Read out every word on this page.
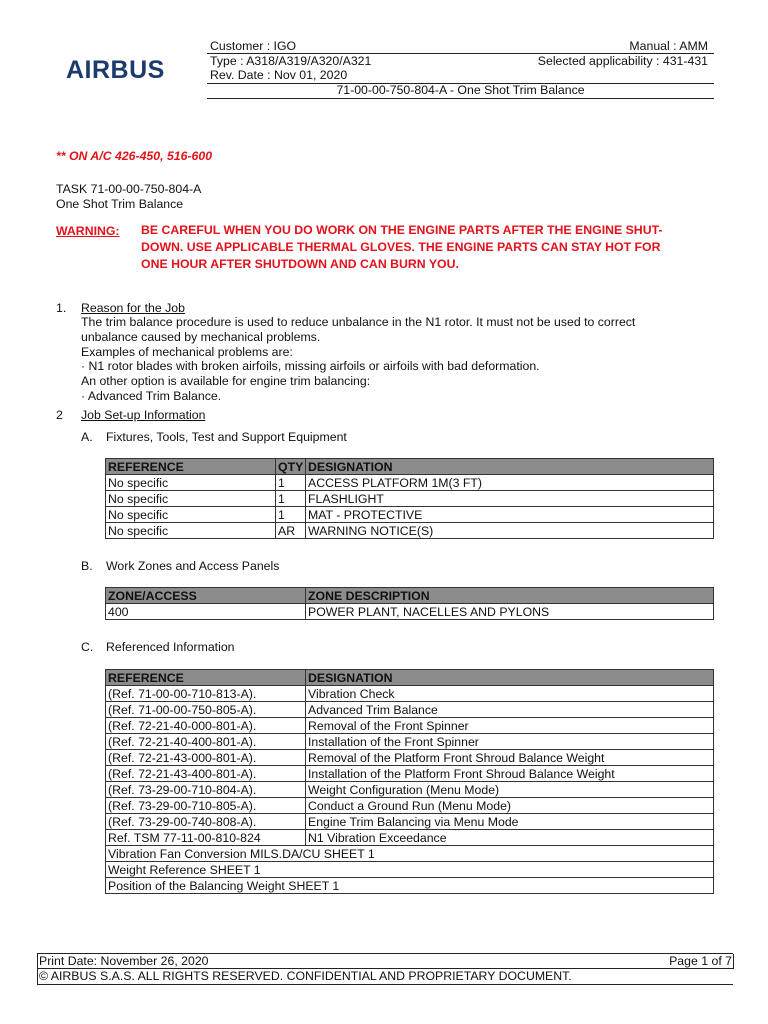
AIRBUS
Customer : IGO	Manual : AMM
Type : A318/A319/A320/A321	Selected applicability : 431-431
Rev. Date : Nov 01, 2020
71-00-00-750-804-A - One Shot Trim Balance
** ON A/C 426-450, 516-600
TASK 71-00-00-750-804-A
One Shot Trim Balance
WARNING: BE CAREFUL WHEN YOU DO WORK ON THE ENGINE PARTS AFTER THE ENGINE SHUT-
DOWN. USE APPLICABLE THERMAL GLOVES. THE ENGINE PARTS CAN STAY HOT FOR
ONE HOUR AFTER SHUTDOWN AND CAN BURN YOU.
1. Reason for the Job
The trim balance procedure is used to reduce unbalance in the N1 rotor. It must not be used to correct
unbalance caused by mechanical problems.
Examples of mechanical problems are:
· N1 rotor blades with broken airfoils, missing airfoils or airfoils with bad deformation.
An other option is available for engine trim balancing:
· Advanced Trim Balance.
2 Job Set-up Information
A. Fixtures, Tools, Test and Support Equipment
REFERENCE	QTY	DESIGNATION
No specific	1	ACCESS PLATFORM 1M(3 FT)
No specific	1	FLASHLIGHT
No specific	1	MAT - PROTECTIVE
No specific	AR	WARNING NOTICE(S)
B. Work Zones and Access Panels
ZONE/ACCESS	ZONE DESCRIPTION
400	POWER PLANT, NACELLES AND PYLONS
C. Referenced Information
REFERENCE	DESIGNATION
(Ref. 71-00-00-710-813-A).	Vibration Check
(Ref. 71-00-00-750-805-A).	Advanced Trim Balance
(Ref. 72-21-40-000-801-A).	Removal of the Front Spinner
(Ref. 72-21-40-400-801-A).	Installation of the Front Spinner
(Ref. 72-21-43-000-801-A).	Removal of the Platform Front Shroud Balance Weight
(Ref. 72-21-43-400-801-A).	Installation of the Platform Front Shroud Balance Weight
(Ref. 73-29-00-710-804-A).	Weight Configuration (Menu Mode)
(Ref. 73-29-00-710-805-A).	Conduct a Ground Run (Menu Mode)
(Ref. 73-29-00-740-808-A).	Engine Trim Balancing via Menu Mode
Ref. TSM 77-11-00-810-824	N1 Vibration Exceedance
Vibration Fan Conversion MILS.DA/CU SHEET 1	
Weight Reference SHEET 1	
Position of the Balancing Weight SHEET 1	
Print Date: November 26, 2020	Page 1 of 7
© AIRBUS S.A.S. ALL RIGHTS RESERVED. CONFIDENTIAL AND PROPRIETARY DOCUMENT.
